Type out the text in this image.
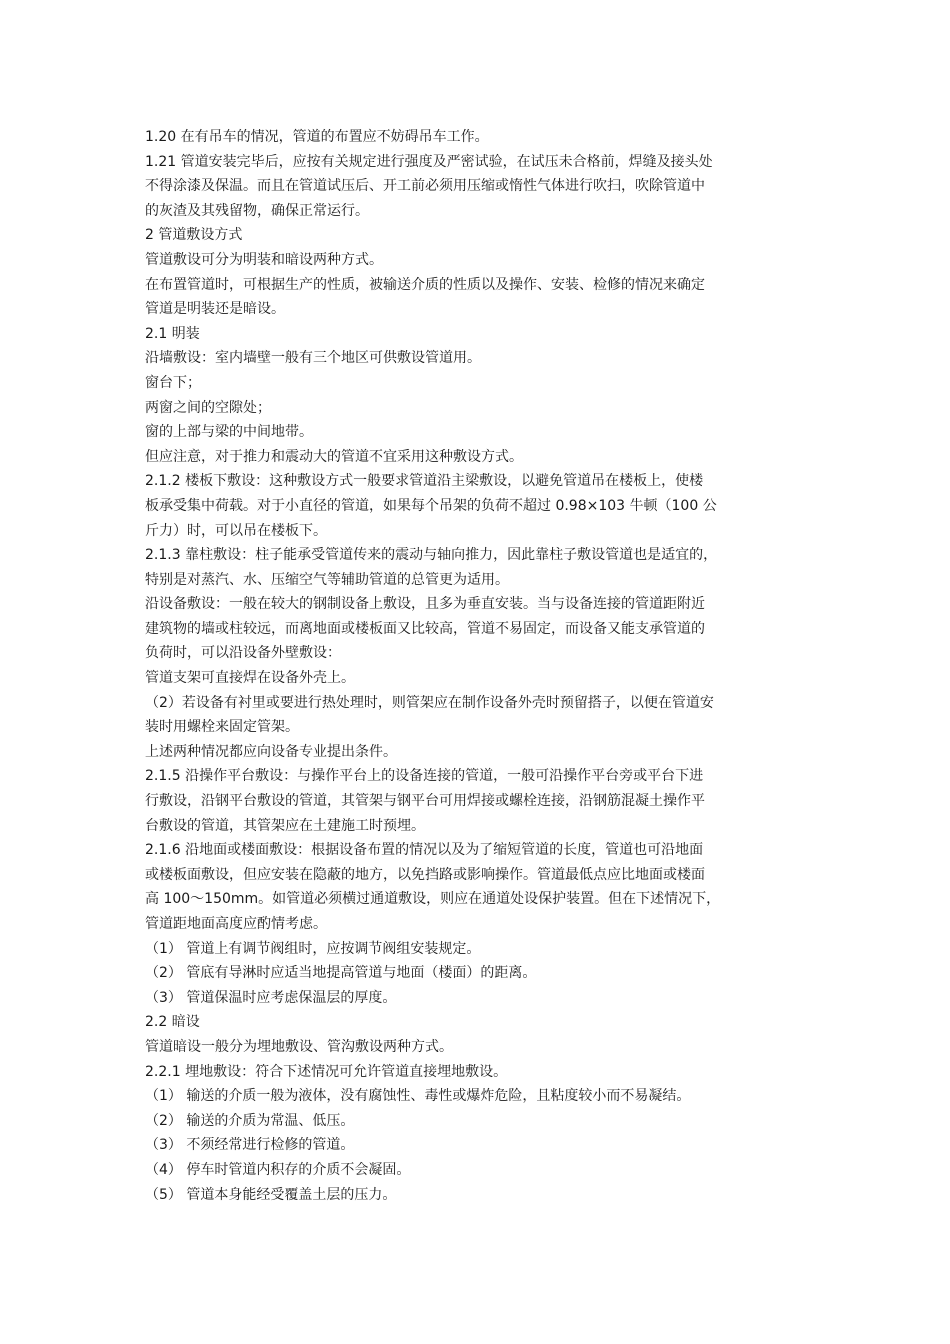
1.20 在有吊车的情况，管道的布置应不妨碍吊车工作。
1.21 管道安装完毕后，应按有关规定进行强度及严密试验，在试压未合格前，焊缝及接头处
不得涂漆及保温。而且在管道试压后、开工前必须用压缩或惰性气体进行吹扫，吹除管道中
的灰渣及其残留物，确保正常运行。
2 管道敷设方式
管道敷设可分为明装和暗设两种方式。
在布置管道时，可根据生产的性质，被输送介质的性质以及操作、安装、检修的情况来确定
管道是明装还是暗设。
2.1 明装
沿墙敷设：室内墙壁一般有三个地区可供敷设管道用。
窗台下；
两窗之间的空隙处；
窗的上部与梁的中间地带。
但应注意，对于推力和震动大的管道不宜采用这种敷设方式。
2.1.2 楼板下敷设：这种敷设方式一般要求管道沿主梁敷设，以避免管道吊在楼板上，使楼
板承受集中荷载。对于小直径的管道，如果每个吊架的负荷不超过 0.98×103 牛顿（100 公
斤力）时，可以吊在楼板下。
2.1.3 靠柱敷设：柱子能承受管道传来的震动与轴向推力，因此靠柱子敷设管道也是适宜的，
特别是对蒸汽、水、压缩空气等辅助管道的总管更为适用。
沿设备敷设：一般在较大的钢制设备上敷设，且多为垂直安装。当与设备连接的管道距附近
建筑物的墙或柱较远，而离地面或楼板面又比较高，管道不易固定，而设备又能支承管道的
负荷时，可以沿设备外壁敷设：
管道支架可直接焊在设备外壳上。
（2）若设备有衬里或要进行热处理时，则管架应在制作设备外壳时预留搭子，以便在管道安
装时用螺栓来固定管架。
上述两种情况都应向设备专业提出条件。
2.1.5 沿操作平台敷设：与操作平台上的设备连接的管道，一般可沿操作平台旁或平台下进
行敷设，沿钢平台敷设的管道，其管架与钢平台可用焊接或螺栓连接，沿钢筋混凝土操作平
台敷设的管道，其管架应在土建施工时预埋。
2.1.6 沿地面或楼面敷设：根据设备布置的情况以及为了缩短管道的长度，管道也可沿地面
或楼板面敷设，但应安装在隐蔽的地方，以免挡路或影响操作。管道最低点应比地面或楼面
高 100～150mm。如管道必须横过通道敷设，则应在通道处设保护装置。但在下述情况下，
管道距地面高度应酌情考虑。
（1） 管道上有调节阀组时，应按调节阀组安装规定。
（2） 管底有导淋时应适当地提高管道与地面（楼面）的距离。
（3） 管道保温时应考虑保温层的厚度。
2.2 暗设
管道暗设一般分为埋地敷设、管沟敷设两种方式。
2.2.1 埋地敷设：符合下述情况可允许管道直接埋地敷设。
（1） 输送的介质一般为液体，没有腐蚀性、毒性或爆炸危险，且粘度较小而不易凝结。
（2） 输送的介质为常温、低压。
（3） 不须经常进行检修的管道。
（4） 停车时管道内积存的介质不会凝固。
（5） 管道本身能经受覆盖土层的压力。
